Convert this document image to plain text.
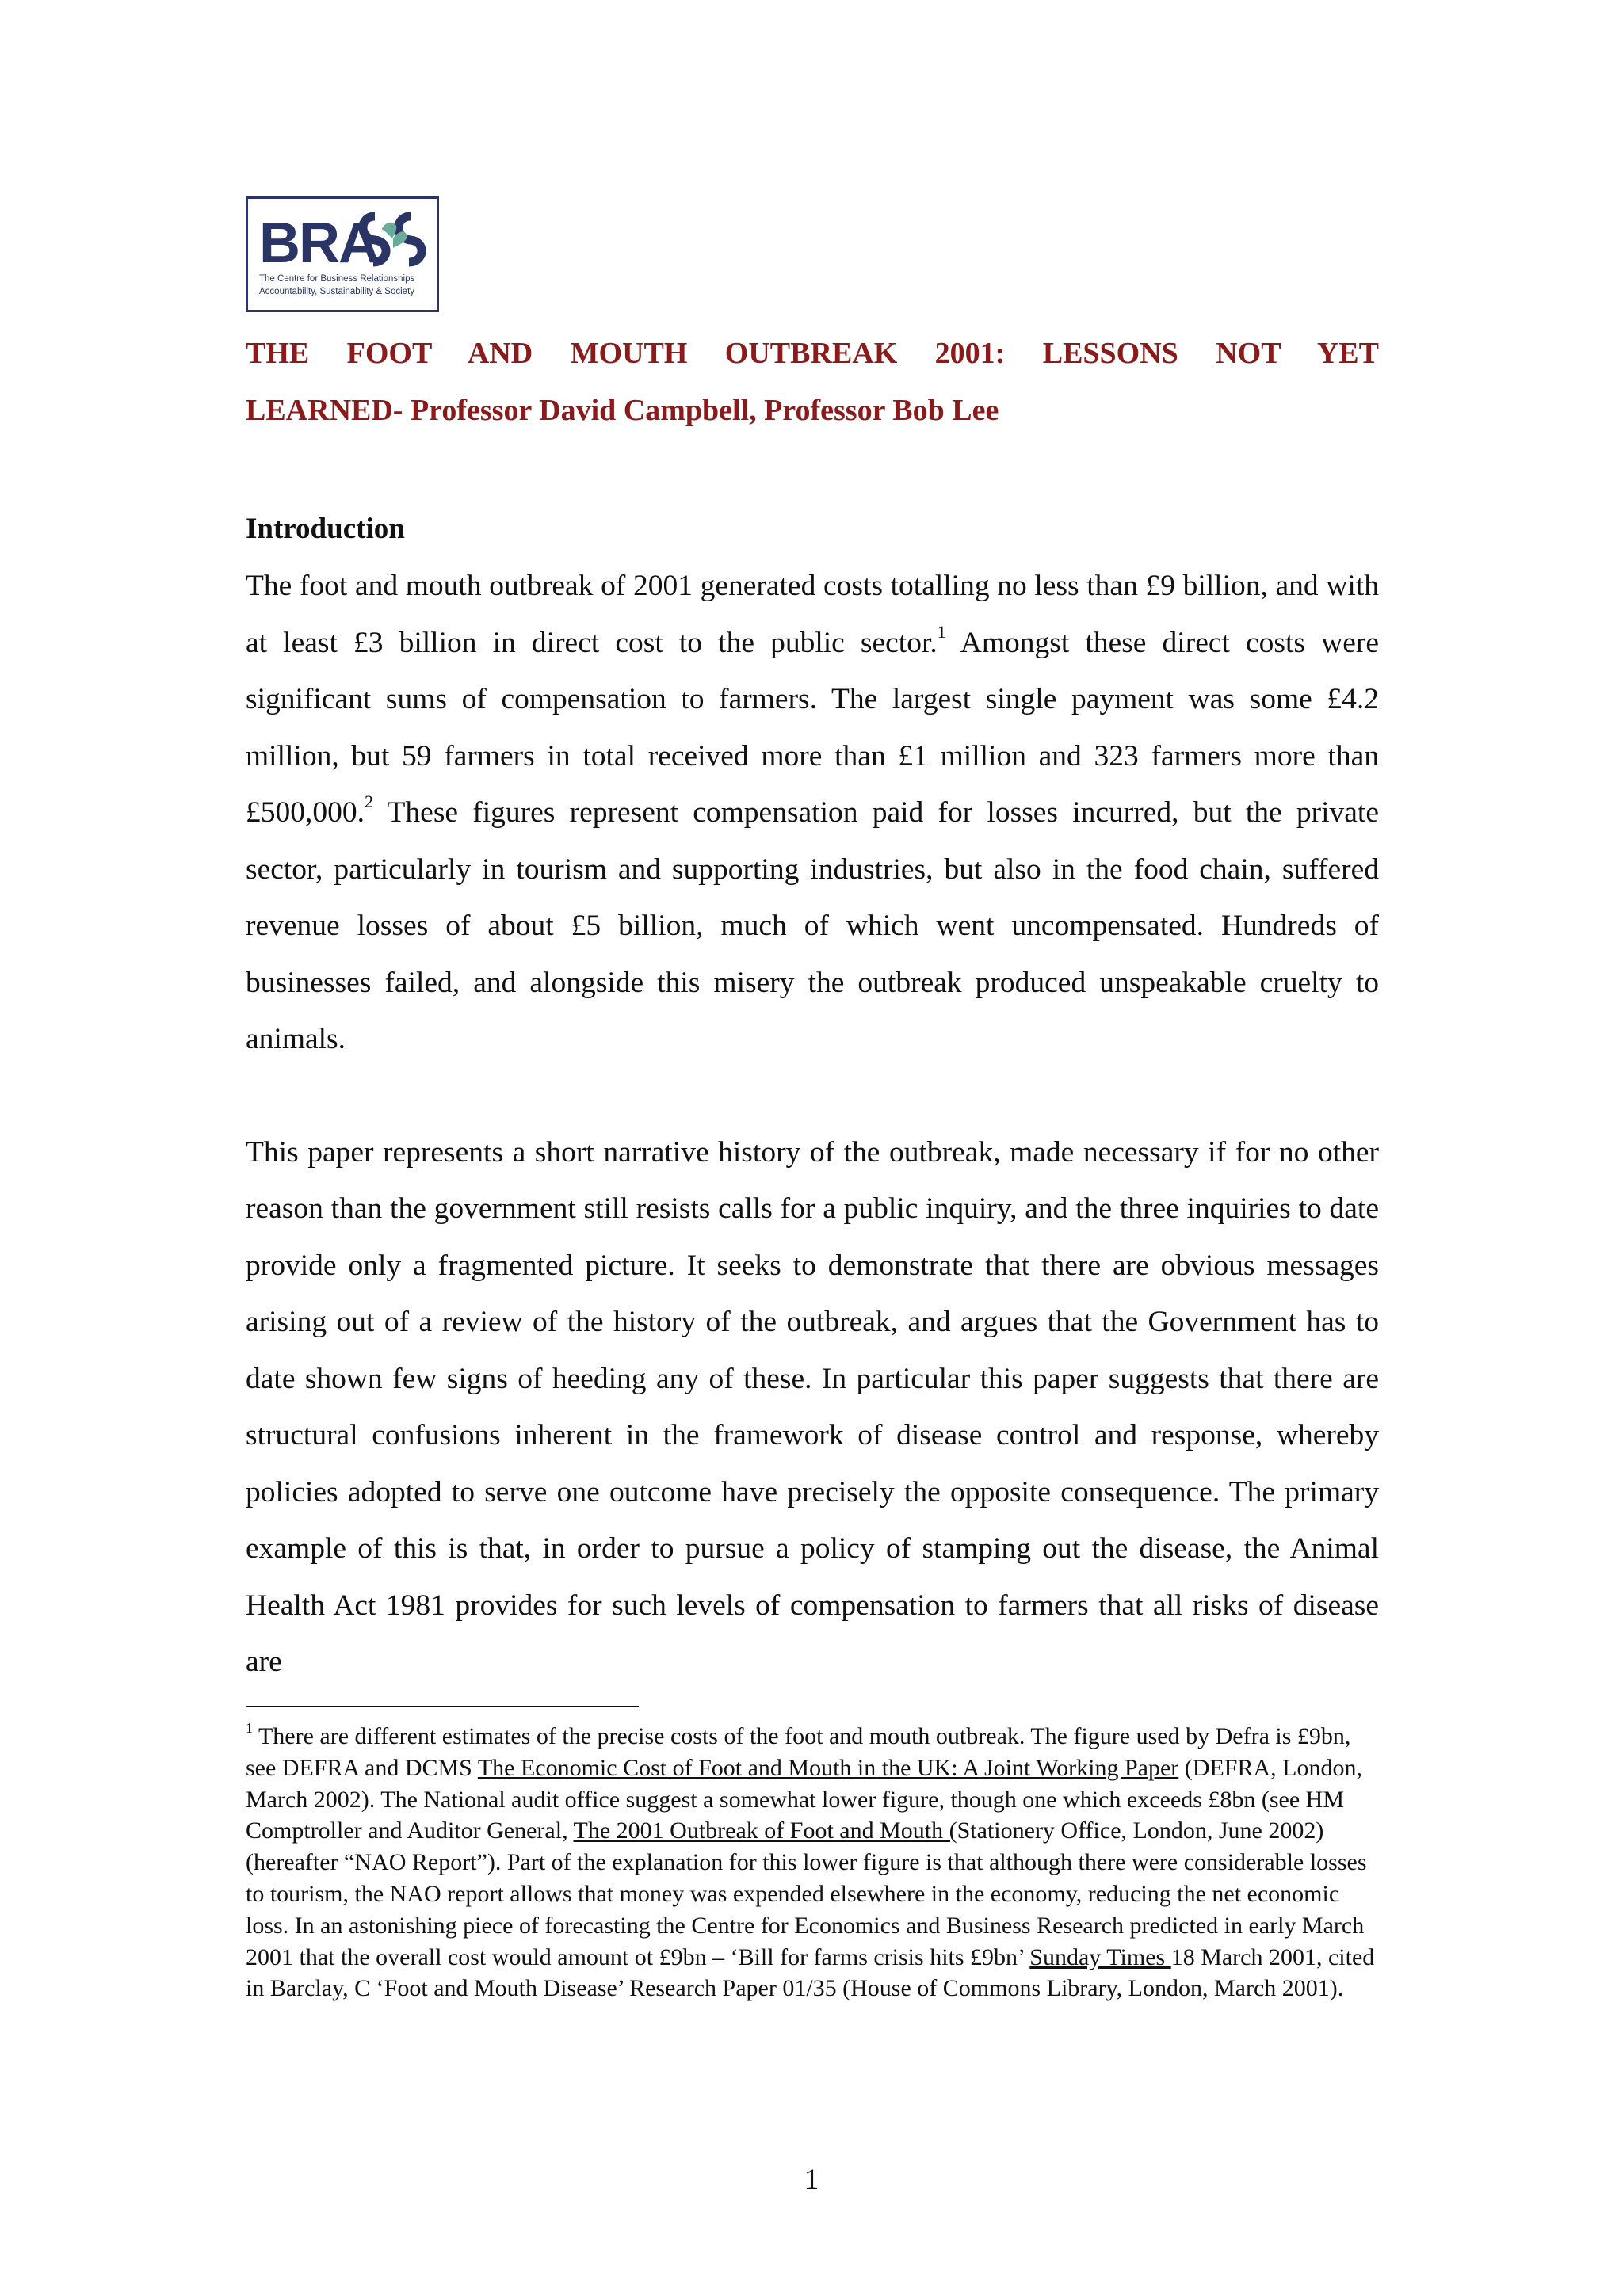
BRA
The Centre for Business Relationships
Accountability, Sustainability & Society
THE FOOT AND MOUTH OUTBREAK 2001: LESSONS NOT YET
LEARNED- Professor David Campbell, Professor Bob Lee
Introduction

The foot and mouth outbreak of 2001 generated costs totalling no less than £9 billion, and with at least £3 billion in direct cost to the public sector.$^1$ Amongst these direct costs were significant sums of compensation to farmers. The largest single payment was some £4.2 million, but 59 farmers in total received more than £1 million and 323 farmers more than £500,000.$^2$ These figures represent compensation paid for losses incurred, but the private sector, particularly in tourism and supporting industries, but also in the food chain, suffered revenue losses of about £5 billion, much of which went uncompensated. Hundreds of businesses failed, and alongside this misery the outbreak produced unspeakable cruelty to animals.

This paper represents a short narrative history of the outbreak, made necessary if for no other reason than the government still resists calls for a public inquiry, and the three inquiries to date provide only a fragmented picture. It seeks to demonstrate that there are obvious messages arising out of a review of the history of the outbreak, and argues that the Government has to date shown few signs of heeding any of these. In particular this paper suggests that there are structural confusions inherent in the framework of disease control and response, whereby policies adopted to serve one outcome have precisely the opposite consequence. The primary example of this is that, in order to pursue a policy of stamping out the disease, the Animal Health Act 1981 provides for such levels of compensation to farmers that all risks of disease are

$^1$ There are different estimates of the precise costs of the foot and mouth outbreak. The figure used by Defra is £9bn, see DEFRA and DCMS The Economic Cost of Foot and Mouth in the UK: A Joint Working Paper (DEFRA, London, March 2002). The National audit office suggest a somewhat lower figure, though one which exceeds £8bn (see HM Comptroller and Auditor General, The 2001 Outbreak of Foot and Mouth (Stationery Office, London, June 2002)(hereafter “NAO Report”). Part of the explanation for this lower figure is that although there were considerable losses to tourism, the NAO report allows that money was expended elsewhere in the economy, reducing the net economic loss. In an astonishing piece of forecasting the Centre for Economics and Business Research predicted in early March 2001 that the overall cost would amount ot £9bn – ‘Bill for farms crisis hits £9bn’ Sunday Times 18 March 2001, cited in Barclay, C ‘Foot and Mouth Disease’ Research Paper 01/35 (House of Commons Library, London, March 2001).
1
